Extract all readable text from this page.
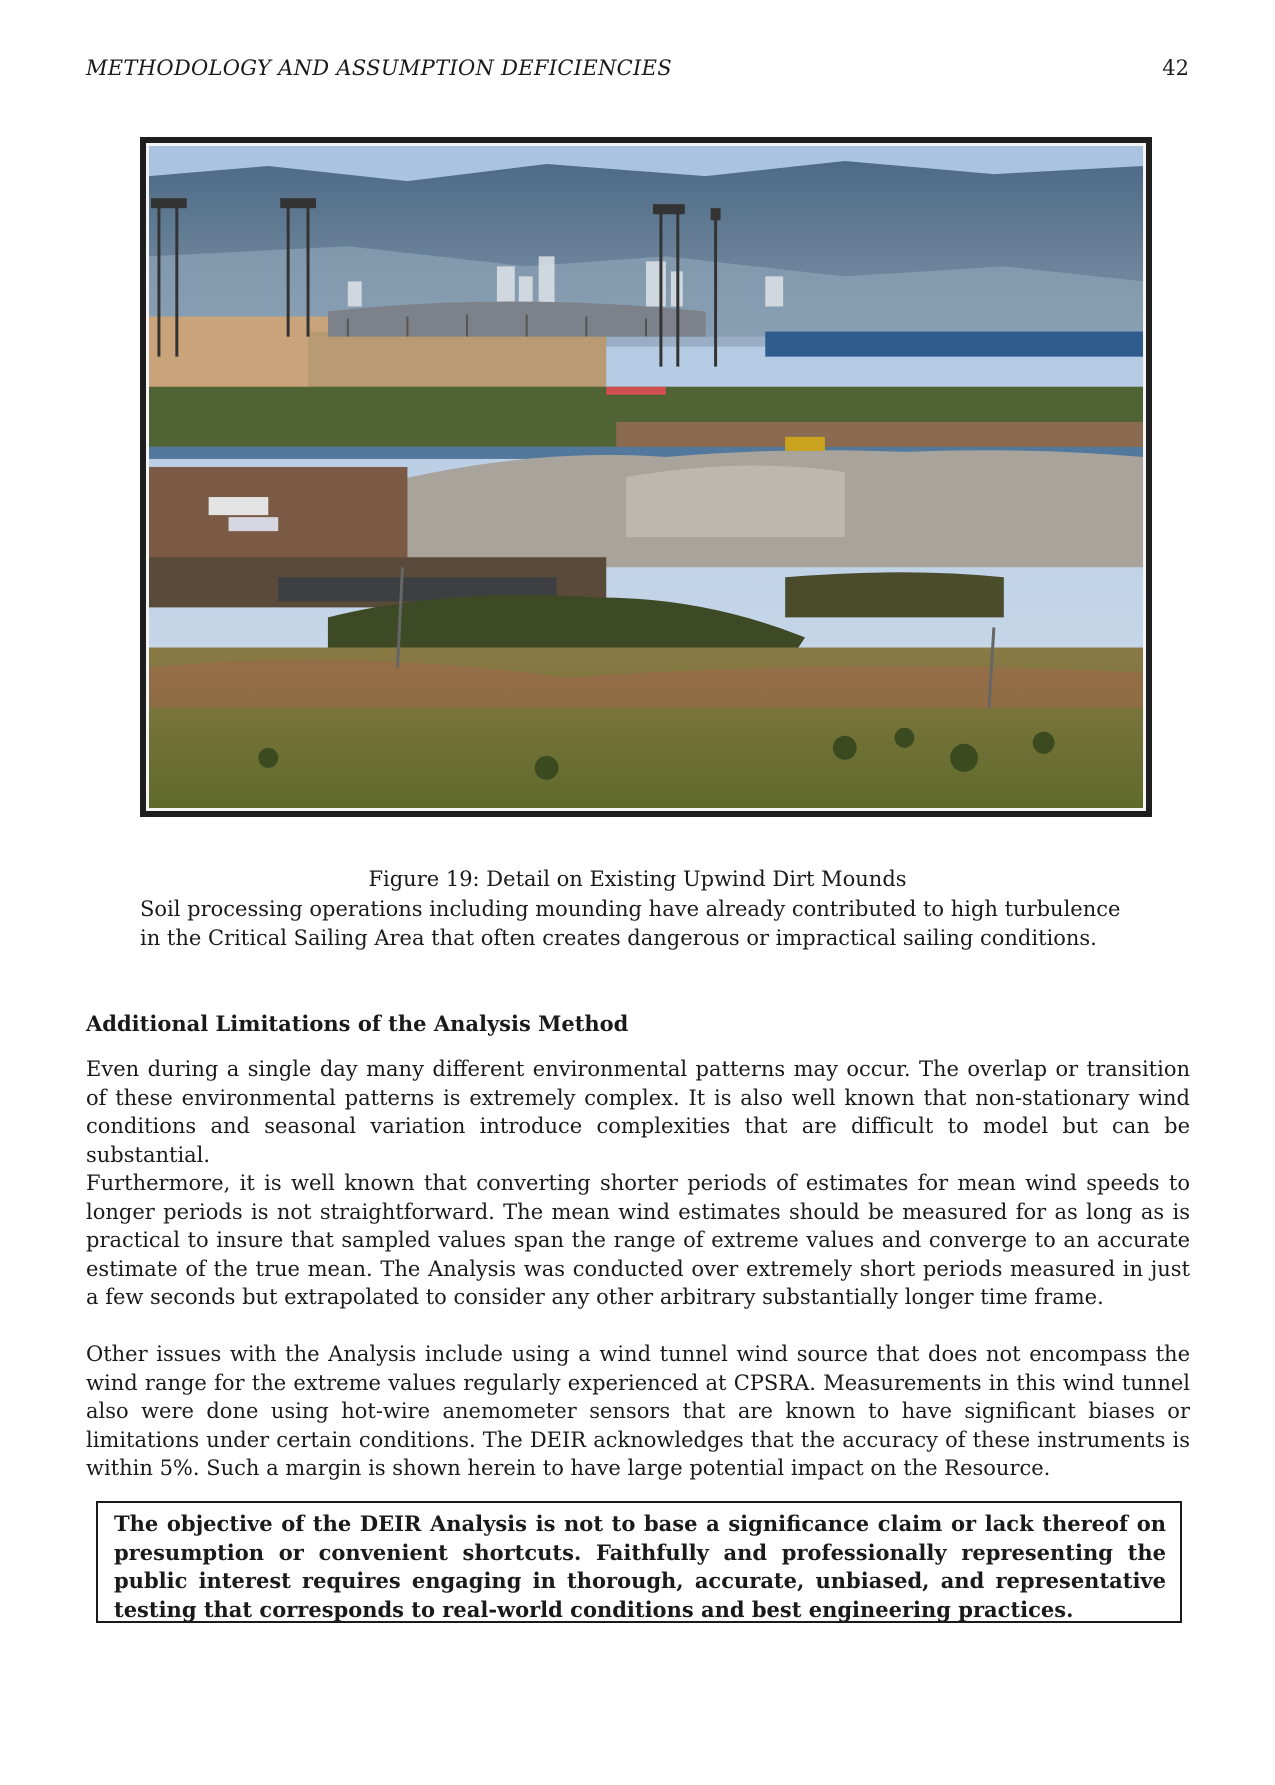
METHODOLOGY AND ASSUMPTION DEFICIENCIES	42
Figure 19: Detail on Existing Upwind Dirt Mounds
Soil processing operations including mounding have already contributed to high turbulence in the Critical Sailing Area that often creates dangerous or impractical sailing conditions.
Additional Limitations of the Analysis Method

Even during a single day many different environmental patterns may occur. The overlap or transition of these environmental patterns is extremely complex. It is also well known that non-stationary wind conditions and seasonal variation introduce complexities that are difficult to model but can be substantial.

Furthermore, it is well known that converting shorter periods of estimates for mean wind speeds to longer periods is not straightforward. The mean wind estimates should be measured for as long as is practical to insure that sampled values span the range of extreme values and converge to an accurate estimate of the true mean. The Analysis was conducted over extremely short periods measured in just a few seconds but extrapolated to consider any other arbitrary substantially longer time frame.

Other issues with the Analysis include using a wind tunnel wind source that does not encompass the wind range for the extreme values regularly experienced at CPSRA. Measurements in this wind tunnel also were done using hot-wire anemometer sensors that are known to have significant biases or limitations under certain conditions. The DEIR acknowledges that the accuracy of these instruments is within 5%. Such a margin is shown herein to have large potential impact on the Resource.

The objective of the DEIR Analysis is not to base a significance claim or lack thereof on presumption or convenient shortcuts. Faithfully and professionally representing the public interest requires engaging in thorough, accurate, unbiased, and representative testing that corresponds to real-world conditions and best engineering practices.
